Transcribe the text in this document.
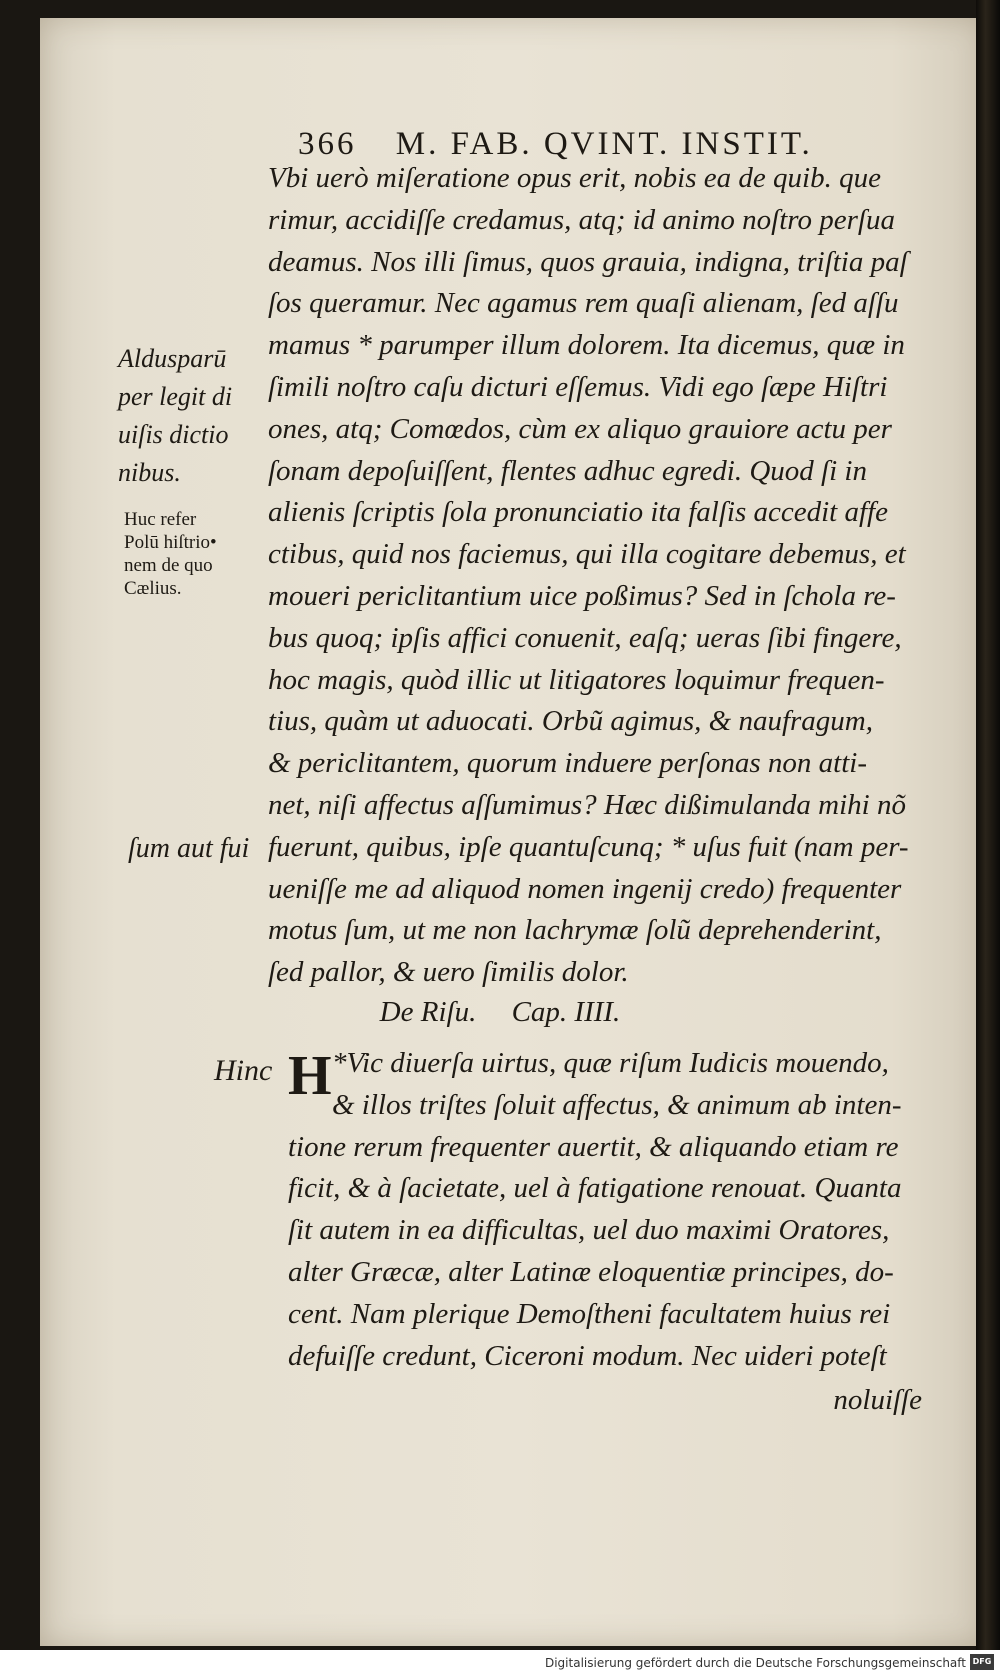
366 M. FAB. QVINT. INSTIT.
Vbi uerò miſeratione opus erit, nobis ea de quib. que
rimur, accidiſſe credamus, atq; id animo noſtro perſua
deamus. Nos illi ſimus, quos grauia, indigna, triſtia paſ
ſos queramur. Nec agamus rem quaſi alienam, ſed aſſu
mamus * parumper illum dolorem. Ita dicemus, quæ in
ſimili noſtro caſu dicturi eſſemus. Vidi ego ſæpe Hiſtri
ones, atq; Comœdos, cùm ex aliquo grauiore actu per
ſonam depoſuiſſent, flentes adhuc egredi. Quod ſi in
alienis ſcriptis ſola pronunciatio ita falſis accedit affe
ctibus, quid nos faciemus, qui illa cogitare debemus, et
moueri periclitantium uice poßimus? Sed in ſchola re-
bus quoq; ipſis affici conuenit, eaſq; ueras ſibi fingere,
hoc magis, quòd illic ut litigatores loquimur frequen-
tius, quàm ut aduocati. Orbũ agimus, & naufragum,
& periclitantem, quorum induere perſonas non atti-
net, niſi affectus aſſumimus? Hæc dißimulanda mihi nõ
fuerunt, quibus, ipſe quantuſcunq; * uſus fuit (nam per-
ueniſſe me ad aliquod nomen ingenij credo) frequenter
motus ſum, ut me non lachrymæ ſolũ deprehenderint,
ſed pallor, & uero ſimilis dolor.
Aldusparū
per legit di
uiſis dictio
nibus.
Huc refer
Polū hiſtrio•
nem de quo
Cælius.
ſum aut fui
De Riſu. Cap. IIII.
Hinc H *Vic diuerſa uirtus, quæ riſum Iudicis mouendo,
& illos triſtes ſoluit affectus, & animum ab inten-
tione rerum frequenter auertit, & aliquando etiam re
ficit, & à ſacietate, uel à fatigatione renouat. Quanta
ſit autem in ea difficultas, uel duo maximi Oratores,
alter Græcæ, alter Latinæ eloquentiæ principes, do-
cent. Nam plerique Demoſtheni facultatem huius rei
defuiſſe credunt, Ciceroni modum. Nec uideri poteſt
noluiſſe
Digitalisierung gefördert durch die Deutsche Forschungsgemeinschaft DFG
